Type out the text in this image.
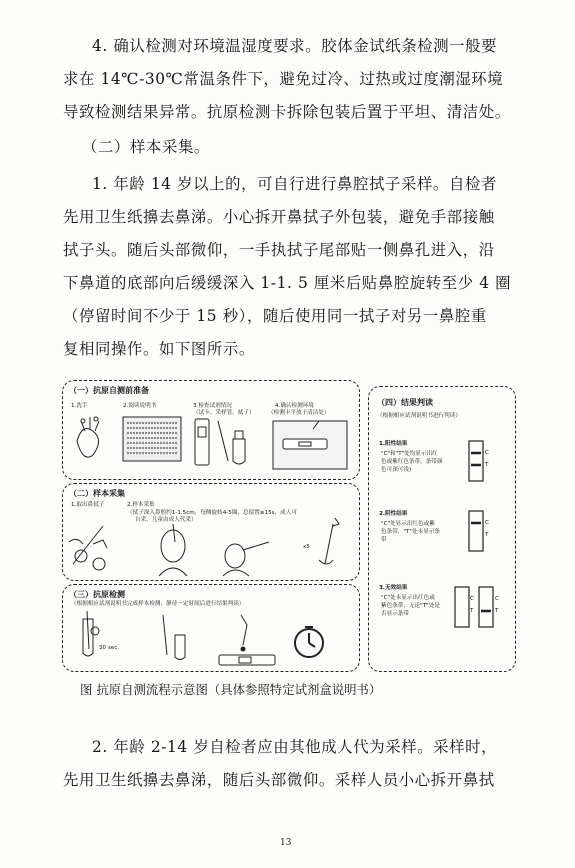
4. 确认检测对环境温湿度要求。胶体金试纸条检测一般要
求在 14℃-30℃常温条件下，避免过冷、过热或过度潮湿环境
导致检测结果异常。抗原检测卡拆除包装后置于平坦、清洁处。
（二）样本采集。
1. 年龄 14 岁以上的，可自行进行鼻腔拭子采样。自检者
先用卫生纸擤去鼻涕。小心拆开鼻拭子外包装，避免手部接触
拭子头。随后头部微仰，一手执拭子尾部贴一侧鼻孔进入，沿
下鼻道的底部向后缓缓深入 1-1. 5 厘米后贴鼻腔旋转至少 4 圈
（停留时间不少于 15 秒），随后使用同一拭子对另一鼻腔重
复相同操作。如下图所示。
（一）抗原自测前准备
1.洗手	2.阅读说明书	3.检查试剂情况
（试卡、采样管、拭子）
4.确认检测环境
（检测卡平放于清洁处）
（二）样本采集
1.取出鼻拭子	2.样本采集
（拭子深入鼻腔约1-1.5cm，每侧旋转4-5圈，总留置≥15s，成人可
自采，儿童由成人代采）
x5
（三）抗原检测
（根据相应试剂说明书完成样本检测，静待一定时间后进行结果判读）
30 sec.
（四）结果判读
（根据相应试剂说明书进行判读）
1.阳性结果
"C"和"T"处均显示出红
色或紫红色条带，条带颜
色可深可浅)
2.阴性结果
"C"处显示出红色或紫
色条带，"T"处未显示条
带
3.无效结果
"C"处未显示出红色或
紫色条带，无论"T"处是
否显示条带
C
T
C
T
C
T
C
T
图 抗原自测流程示意图（具体参照特定试剂盒说明书）
2. 年龄 2-14 岁自检者应由其他成人代为采样。采样时，
先用卫生纸擤去鼻涕，随后头部微仰。采样人员小心拆开鼻拭
13
